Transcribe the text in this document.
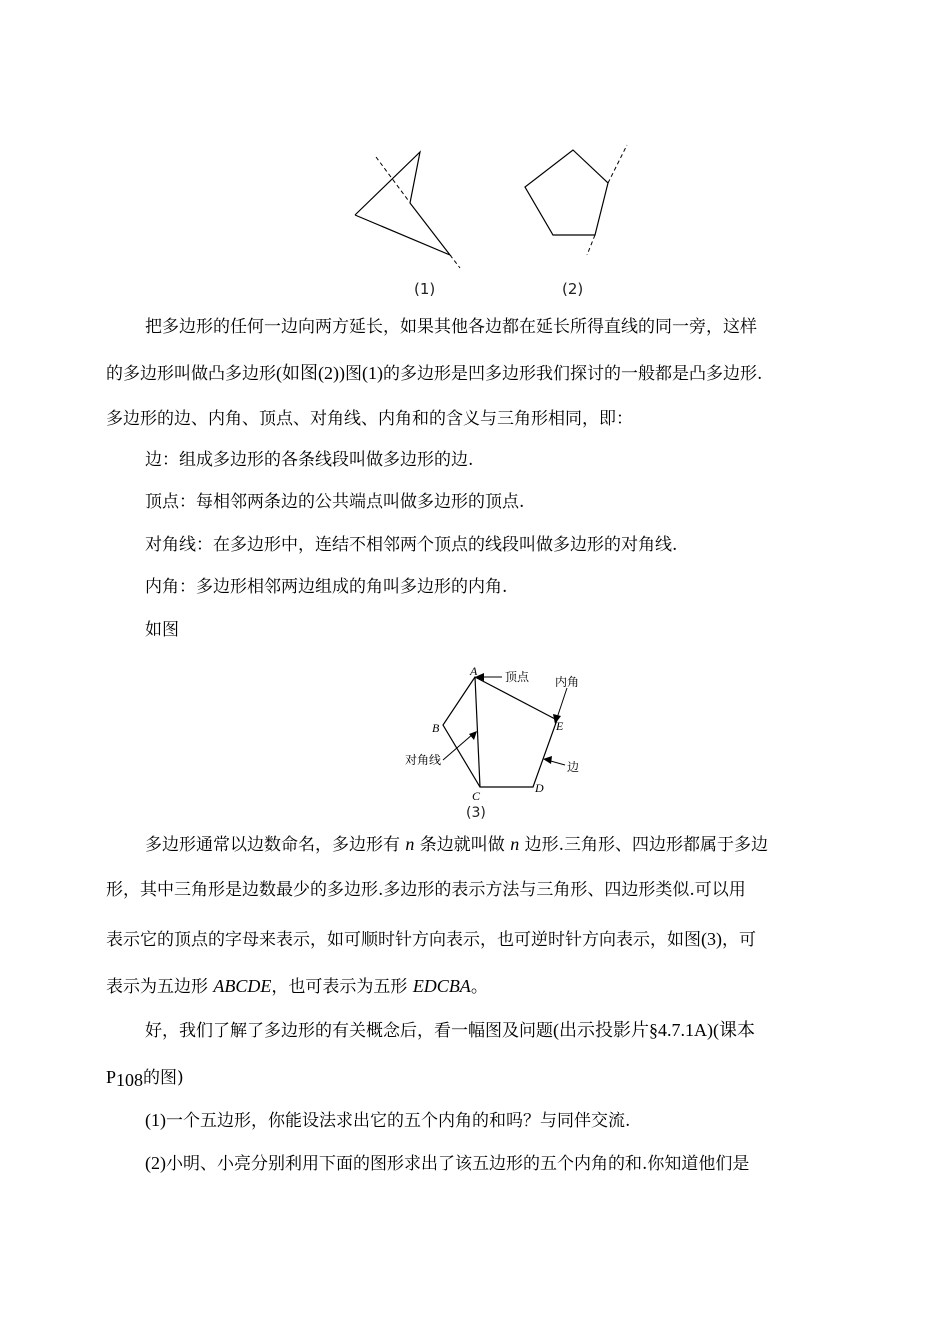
(1)	(2)
把多边形的任何一边向两方延长，如果其他各边都在延长所得直线的同一旁，这样
的多边形叫做凸多边形(如图(2))图(1)的多边形是凹多边形我们探讨的一般都是凸多边形.
多边形的边、内角、顶点、对角线、内角和的含义与三角形相同，即：
边：组成多边形的各条线段叫做多边形的边.
顶点：每相邻两条边的公共端点叫做多边形的顶点.
对角线：在多边形中，连结不相邻两个顶点的线段叫做多边形的对角线.
内角：多边形相邻两边组成的角叫多边形的内角.
如图
A
B
C
D
E
顶点 内角
边
对角线
(3)
多边形通常以边数命名，多边形有 n 条边就叫做 n 边形.三角形、四边形都属于多边
形，其中三角形是边数最少的多边形.多边形的表示方法与三角形、四边形类似.可以用
表示它的顶点的字母来表示，如可顺时针方向表示，也可逆时针方向表示，如图(3)，可
表示为五边形 ABCDE，也可表示为五形 EDCBA。
好，我们了解了多边形的有关概念后，看一幅图及问题(出示投影片§4.7.1A)(课本
$P_{108}$的图)
(1)一个五边形，你能设法求出它的五个内角的和吗？与同伴交流.
(2)小明、小亮分别利用下面的图形求出了该五边形的五个内角的和.你知道他们是
